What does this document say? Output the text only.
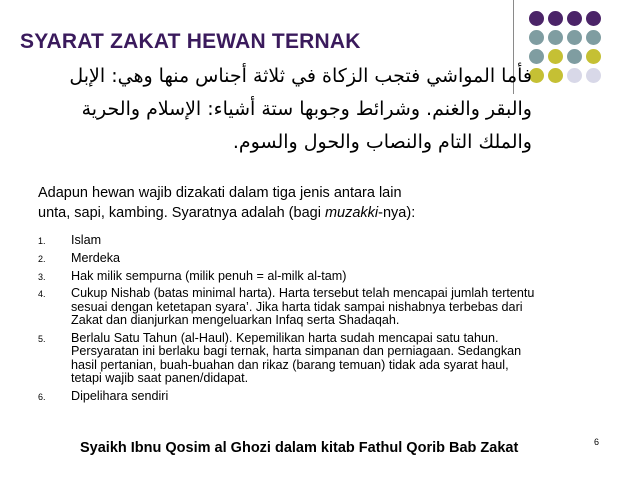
SYARAT ZAKAT HEWAN TERNAK
فأما المواشي فتجب الزكاة في ثلاثة أجناس منها وهي: الإبل
والبقر والغنم. وشرائط وجوبها ستة أشياء: الإسلام والحرية
والملك التام والنصاب والحول والسوم.
Adapun hewan wajib dizakati dalam tiga jenis antara lain
unta, sapi, kambing. Syaratnya adalah (bagi muzakki-nya):
1. Islam
2. Merdeka
3. Hak milik sempurna (milik penuh = al-milk al-tam)
4. Cukup Nishab (batas minimal harta). Harta tersebut telah mencapai jumlah tertentu
sesuai dengan ketetapan syara’. Jika harta tidak sampai nishabnya terbebas dari
Zakat dan dianjurkan mengeluarkan Infaq serta Shadaqah.
5. Berlalu Satu Tahun (al-Haul). Kepemilikan harta sudah mencapai satu tahun.
Persyaratan ini berlaku bagi ternak, harta simpanan dan perniagaan. Sedangkan
hasil pertanian, buah-buahan dan rikaz (barang temuan) tidak ada syarat haul,
tetapi wajib saat panen/didapat.
6. Dipelihara sendiri
Syaikh Ibnu Qosim al Ghozi dalam kitab Fathul Qorib Bab Zakat	6
